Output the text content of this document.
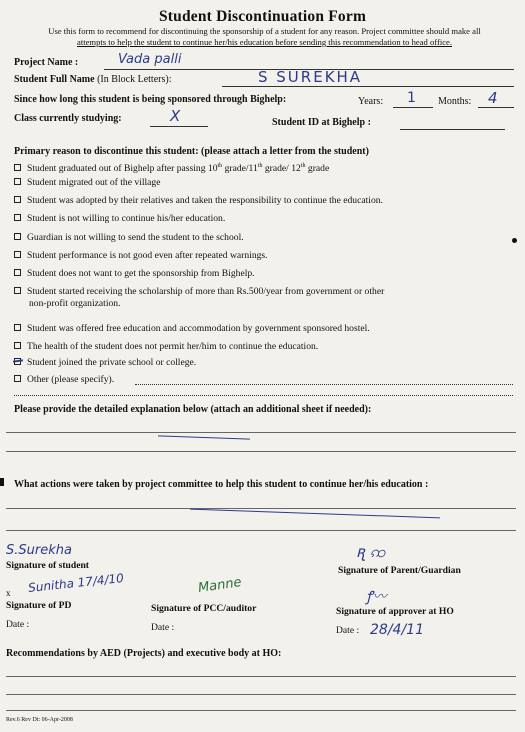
Student Discontinuation Form
Use this form to recommend for discontinuing the sponsorship of a student for any reason. Project committee should make all
attempts to help the student to continue her/his education before sending this recommendation to head office.
Project Name :	Vada palli
Student Full Name (In Block Letters):	S SUREKHA
Since how long this student is being sponsored through Bighelp:	Years: 1 Months: 4
Class currently studying:	X	Student ID at Bighelp :
Primary reason to discontinue this student: (please attach a letter from the student)
Student graduated out of Bighelp after passing 10th grade/11th grade/ 12th grade
Student migrated out of the village
Student was adopted by their relatives and taken the responsibility to continue the education.
Student is not willing to continue his/her education.
Guardian is not willing to send the student to the school.
Student performance is not good even after repeated warnings.
Student does not want to get the sponsorship from Bighelp.
Student started receiving the scholarship of more than Rs.500/year from government or other
non-profit organization.
Student was offered free education and accommodation by government sponsored hostel.
The health of the student does not permit her/him to continue the education.
Student joined the private school or college.
Other (please specify).
Please provide the detailed explanation below (attach an additional sheet if needed):
What actions were taken by project committee to help this student to continue her/his education :
S.Surekha
Signature of student
ꭆ ꩡ
Signature of Parent/Guardian
x Sunitha 17/4/10
Signature of PD
Date :
Manne
Signature of PCC/auditor
Date :
ꝭ〰
Signature of approver at HO
Date : 28/4/11
Recommendations by AED (Projects) and executive body at HO:
Rev.6 Rev Dt: 06-Apr-2008
